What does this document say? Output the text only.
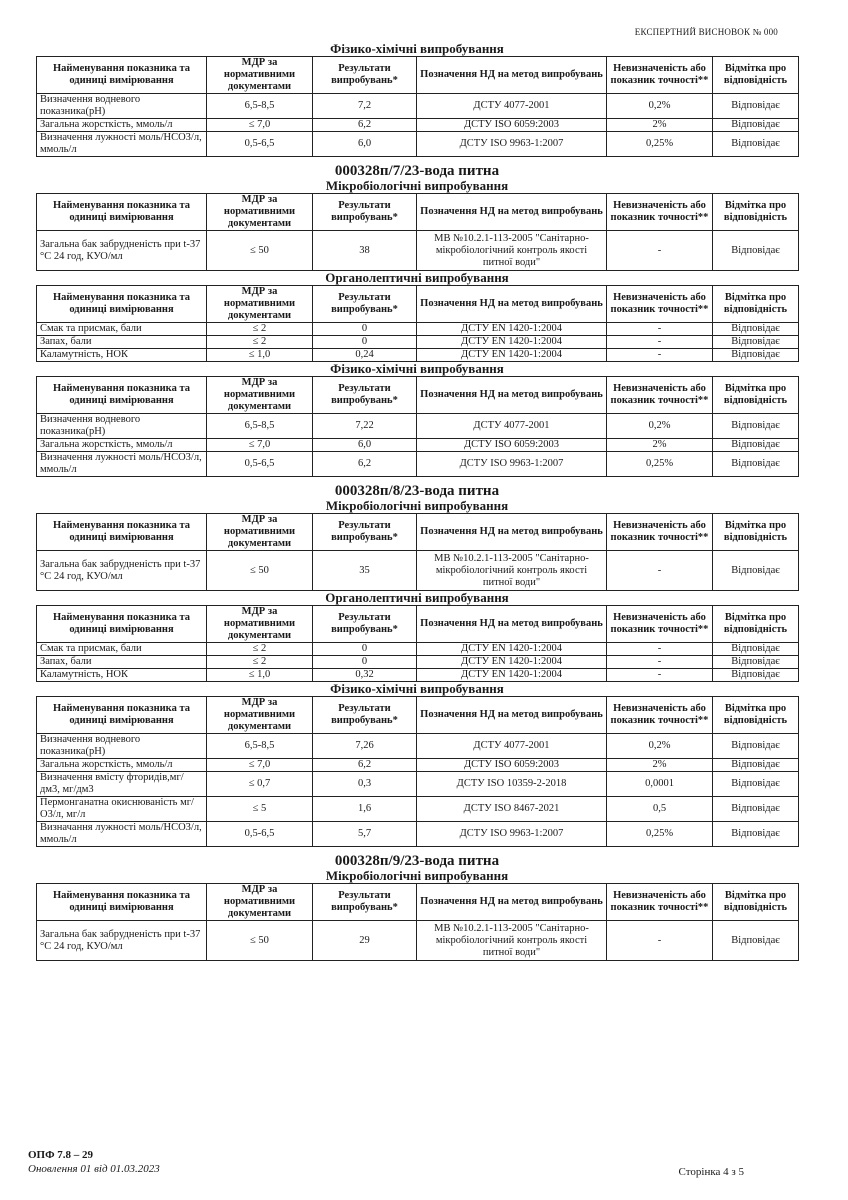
ЕКСПЕРТНИЙ ВИСНОВОК № 000
Фізико-хімічні випробування
Найменування показника та одиниці вимірювання	МДР за нормативними документами	Результати випробувань*	Позначення НД на метод випробувань	Невизначеність або показник точності**	Відмітка про відповідність
Визначення водневого показника(рН)	6,5-8,5	7,2	ДСТУ 4077-2001	0,2%	Відповідає
Загальна жорсткість, ммоль/л	≤ 7,0	6,2	ДСТУ ISO 6059:2003	2%	Відповідає
Визначення лужності моль/НСО3/л, ммоль/л	0,5-6,5	6,0	ДСТУ ISO 9963-1:2007	0,25%	Відповідає
000328п/7/23-вода питна
Мікробіологічні випробування
Найменування показника та одиниці вимірювання	МДР за нормативними документами	Результати випробувань*	Позначення НД на метод випробувань	Невизначеність або показник точності**	Відмітка про відповідність
Загальна бак забрудненість при t-37 °С 24 год, КУО/мл	≤ 50	38	МВ №10.2.1-113-2005 "Санітарно-мікробіологічний контроль якості питної води"	-	Відповідає
Органолептичні випробування
Найменування показника та одиниці вимірювання	МДР за нормативними документами	Результати випробувань*	Позначення НД на метод випробувань	Невизначеність або показник точності**	Відмітка про відповідність
Смак та присмак, бали	≤ 2	0	ДСТУ EN 1420-1:2004	-	Відповідає
Запах, бали	≤ 2	0	ДСТУ EN 1420-1:2004	-	Відповідає
Каламутність, НОК	≤ 1,0	0,24	ДСТУ EN 1420-1:2004	-	Відповідає
Фізико-хімічні випробування
Найменування показника та одиниці вимірювання	МДР за нормативними документами	Результати випробувань*	Позначення НД на метод випробувань	Невизначеність або показник точності**	Відмітка про відповідність
Визначення водневого показника(рН)	6,5-8,5	7,22	ДСТУ 4077-2001	0,2%	Відповідає
Загальна жорсткість, ммоль/л	≤ 7,0	6,0	ДСТУ ISO 6059:2003	2%	Відповідає
Визначення лужності моль/НСО3/л, ммоль/л	0,5-6,5	6,2	ДСТУ ISO 9963-1:2007	0,25%	Відповідає
000328п/8/23-вода питна
Мікробіологічні випробування
Найменування показника та одиниці вимірювання	МДР за нормативними документами	Результати випробувань*	Позначення НД на метод випробувань	Невизначеність або показник точності**	Відмітка про відповідність
Загальна бак забрудненість при t-37 °С 24 год, КУО/мл	≤ 50	35	МВ №10.2.1-113-2005 "Санітарно-мікробіологічний контроль якості питної води"	-	Відповідає
Органолептичні випробування
Найменування показника та одиниці вимірювання	МДР за нормативними документами	Результати випробувань*	Позначення НД на метод випробувань	Невизначеність або показник точності**	Відмітка про відповідність
Смак та присмак, бали	≤ 2	0	ДСТУ EN 1420-1:2004	-	Відповідає
Запах, бали	≤ 2	0	ДСТУ EN 1420-1:2004	-	Відповідає
Каламутність, НОК	≤ 1,0	0,32	ДСТУ EN 1420-1:2004	-	Відповідає
Фізико-хімічні випробування
Найменування показника та одиниці вимірювання	МДР за нормативними документами	Результати випробувань*	Позначення НД на метод випробувань	Невизначеність або показник точності**	Відмітка про відповідність
Визначення водневого показника(рН)	6,5-8,5	7,26	ДСТУ 4077-2001	0,2%	Відповідає
Загальна жорсткість, ммоль/л	≤ 7,0	6,2	ДСТУ ISO 6059:2003	2%	Відповідає
Визначення вмісту фторидів,мг/дм3, мг/дм3	≤ 0,7	0,3	ДСТУ ISO 10359-2-2018	0,0001	Відповідає
Пермонганатна окиснюваність мг/О3/л, мг/л	≤ 5	1,6	ДСТУ ISO 8467-2021	0,5	Відповідає
Визначання лужності моль/НСО3/л, ммоль/л	0,5-6,5	5,7	ДСТУ ISO 9963-1:2007	0,25%	Відповідає
000328п/9/23-вода питна
Мікробіологічні випробування
Найменування показника та одиниці вимірювання	МДР за нормативними документами	Результати випробувань*	Позначення НД на метод випробувань	Невизначеність або показник точності**	Відмітка про відповідність
Загальна бак забрудненість при t-37 °С 24 год, КУО/мл	≤ 50	29	МВ №10.2.1-113-2005 "Санітарно-мікробіологічний контроль якості питної води"	-	Відповідає
ОПФ 7.8 – 29
Оновлення 01 від 01.03.2023	Сторінка 4 з 5
